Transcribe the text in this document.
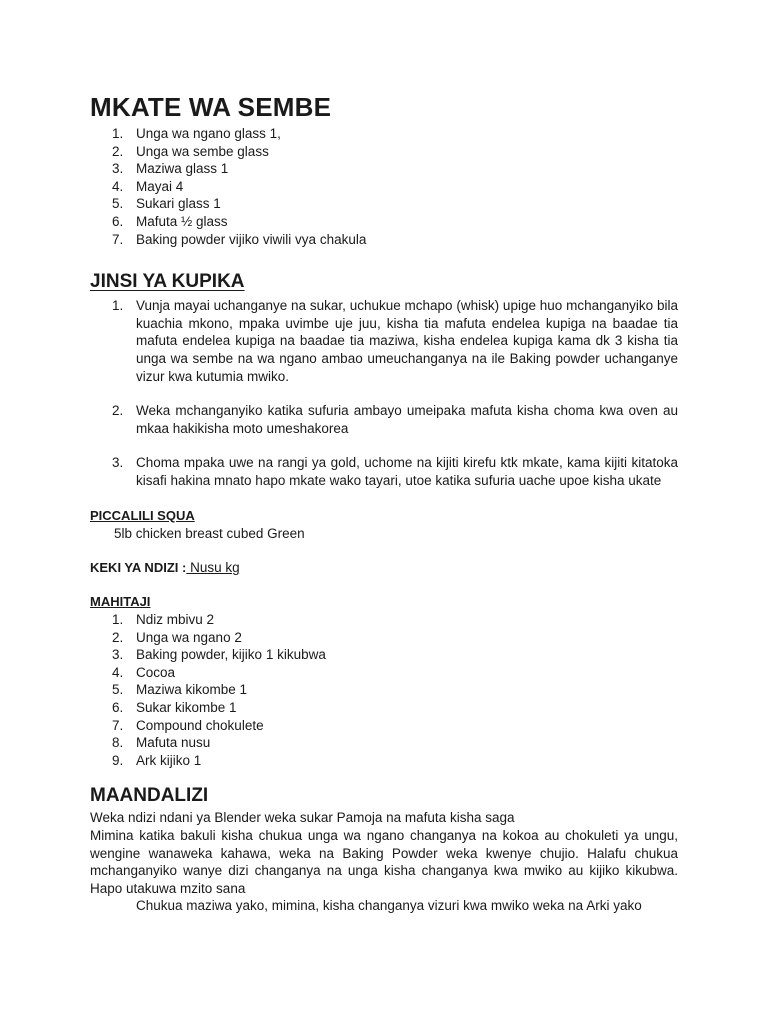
MKATE WA SEMBE
1. Unga wa ngano glass 1,
2. Unga wa sembe glass
3. Maziwa glass 1
4. Mayai 4
5. Sukari glass 1
6. Mafuta ½ glass
7. Baking powder vijiko viwili vya chakula
JINSI YA KUPIKA
1. Vunja mayai uchanganye na sukar, uchukue mchapo (whisk) upige huo mchanganyiko bila kuachia mkono, mpaka uvimbe uje juu, kisha tia mafuta endelea kupiga na baadae tia mafuta endelea kupiga na baadae tia maziwa, kisha endelea kupiga kama dk 3 kisha tia unga wa sembe na wa ngano ambao umeuchanganya na ile Baking powder uchanganye vizur kwa kutumia mwiko.
2. Weka mchanganyiko katika sufuria ambayo umeipaka mafuta kisha choma kwa oven au mkaa hakikisha moto umeshakorea
3. Choma mpaka uwe na rangi ya gold, uchome na kijiti kirefu ktk mkate, kama kijiti kitatoka kisafi hakina mnato hapo mkate wako tayari, utoe katika sufuria uache upoe kisha ukate
PICCALILI SQUA

5lb chicken breast cubed Green

KEKI YA NDIZI : Nusu kg
MAHITAJI
1. Ndiz mbivu 2
2. Unga wa ngano 2
3. Baking powder, kijiko 1 kikubwa
4. Cocoa
5. Maziwa kikombe 1
6. Sukar kikombe 1
7. Compound chokulete
8. Mafuta nusu
9. Ark kijiko 1
MAANDALIZI

Weka ndizi ndani ya Blender weka sukar Pamoja na mafuta kisha saga

Mimina katika bakuli kisha chukua unga wa ngano changanya na kokoa au chokuleti ya ungu, wengine wanaweka kahawa, weka na Baking Powder weka kwenye chujio. Halafu chukua mchanganyiko wanye dizi changanya na unga kisha changanya kwa mwiko au kijiko kikubwa. Hapo utakuwa mzito sana

Chukua maziwa yako, mimina, kisha changanya vizuri kwa mwiko weka na Arki yako
